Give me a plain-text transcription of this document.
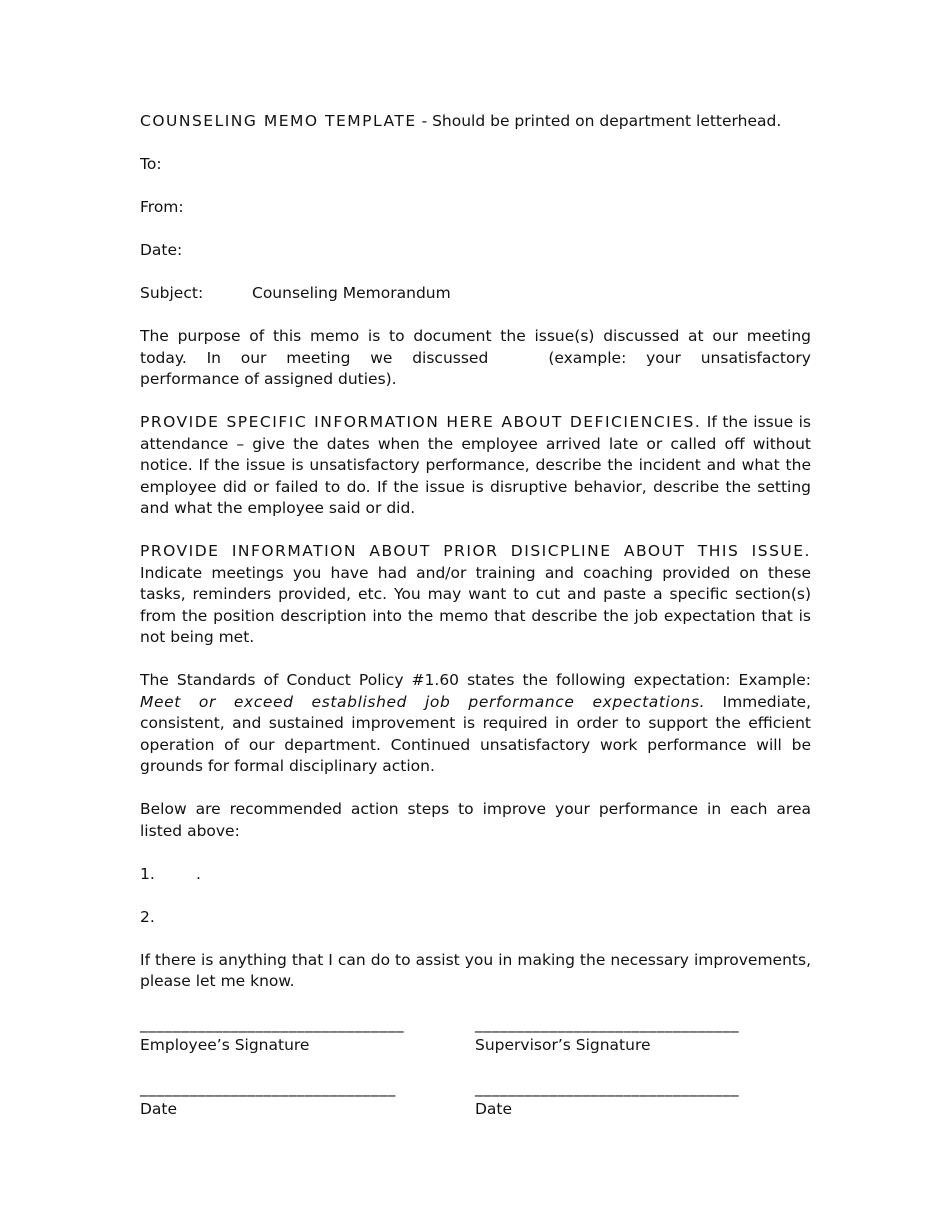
COUNSELING MEMO TEMPLATE - Should be printed on department letterhead.

To:

From:

Date:

Subject:	Counseling Memorandum

The purpose of this memo is to document the issue(s) discussed at our meeting today. In our meeting we discussed	(example: your unsatisfactory performance of assigned duties).

PROVIDE SPECIFIC INFORMATION HERE ABOUT DEFICIENCIES. If the issue is attendance – give the dates when the employee arrived late or called off without notice. If the issue is unsatisfactory performance, describe the incident and what the employee did or failed to do. If the issue is disruptive behavior, describe the setting and what the employee said or did.

PROVIDE INFORMATION ABOUT PRIOR DISICPLINE ABOUT THIS ISSUE. Indicate meetings you have had and/or training and coaching provided on these tasks, reminders provided, etc. You may want to cut and paste a specific section(s) from the position description into the memo that describe the job expectation that is not being met.

The Standards of Conduct Policy #1.60 states the following expectation: Example: Meet or exceed established job performance expectations. Immediate, consistent, and sustained improvement is required in order to support the efficient operation of our department. Continued unsatisfactory work performance will be grounds for formal disciplinary action.

Below are recommended action steps to improve your performance in each area listed above:

1.	.

2.

If there is anything that I can do to assist you in making the necessary improvements, please let me know.

________________________________
Employee’s Signature
_______________________________
Date
________________________________
Supervisor’s Signature
________________________________
Date
